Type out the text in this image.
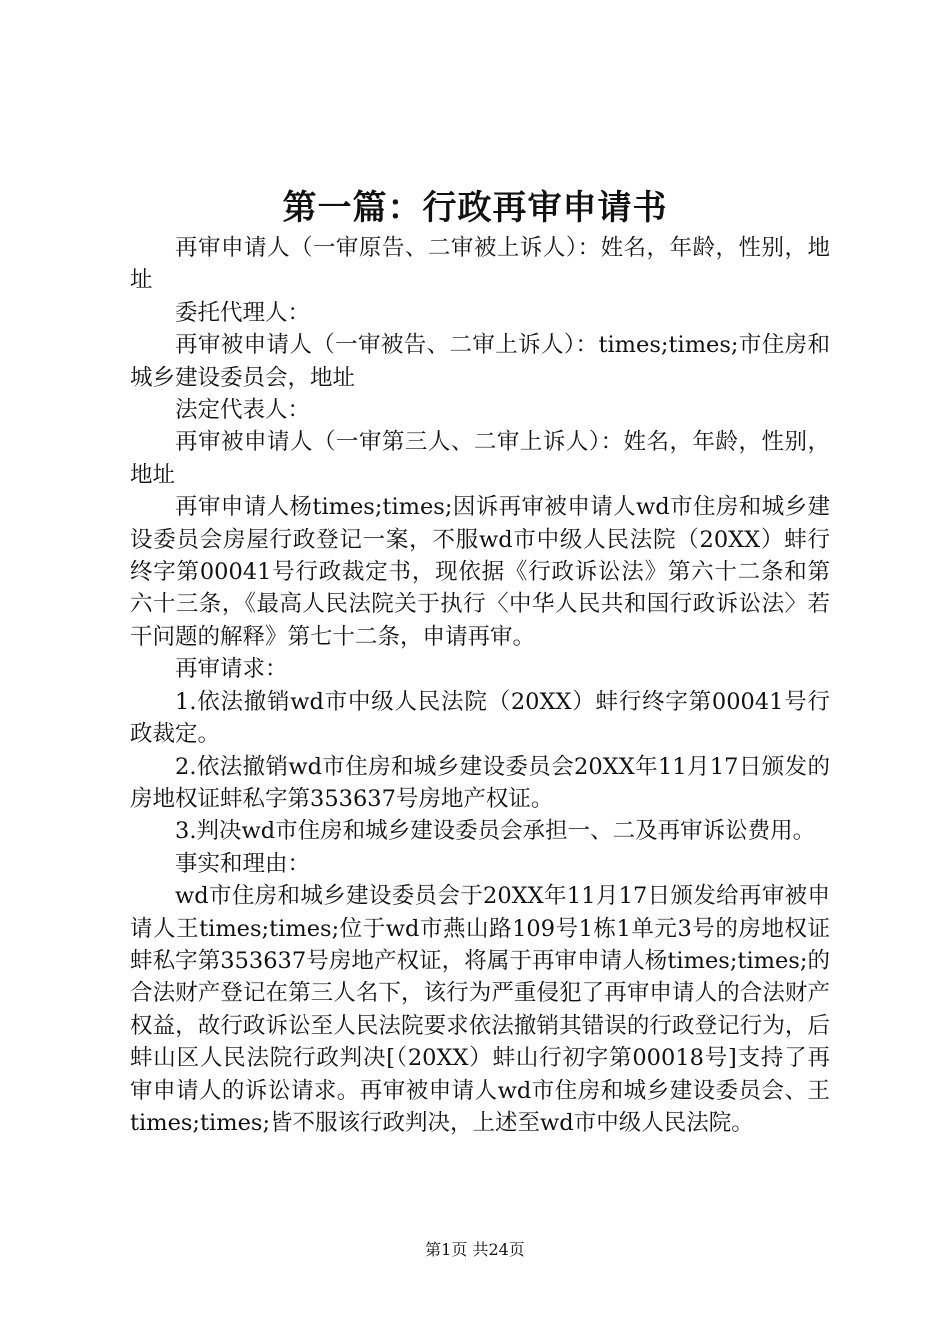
第一篇：行政再审申请书

再审申请人（一审原告、二审被上诉人）：姓名，年龄，性别，地址

委托代理人：

再审被申请人（一审被告、二审上诉人）：times;times;市住房和城乡建设委员会，地址

法定代表人：

再审被申请人（一审第三人、二审上诉人）：姓名，年龄，性别，地址

再审申请人杨times;times;因诉再审被申请人wd市住房和城乡建设委员会房屋行政登记一案，不服wd市中级人民法院（20XX）蚌行终字第00041号行政裁定书，现依据《行政诉讼法》第六十二条和第六十三条，《最高人民法院关于执行〈中华人民共和国行政诉讼法〉若干问题的解释》第七十二条，申请再审。

再审请求：

1.依法撤销wd市中级人民法院（20XX）蚌行终字第00041号行政裁定。

2.依法撤销wd市住房和城乡建设委员会20XX年11月17日颁发的房地权证蚌私字第353637号房地产权证。

3.判决wd市住房和城乡建设委员会承担一、二及再审诉讼费用。

事实和理由：

wd市住房和城乡建设委员会于20XX年11月17日颁发给再审被申请人王times;times;位于wd市燕山路109号1栋1单元3号的房地权证蚌私字第353637号房地产权证，将属于再审申请人杨times;times;的合法财产登记在第三人名下，该行为严重侵犯了再审申请人的合法财产权益，故行政诉讼至人民法院要求依法撤销其错误的行政登记行为，后蚌山区人民法院行政判决[（20XX）蚌山行初字第00018号]支持了再审申请人的诉讼请求。再审被申请人wd市住房和城乡建设委员会、王times;times;皆不服该行政判决，上述至wd市中级人民法院。

第1页 共24页
